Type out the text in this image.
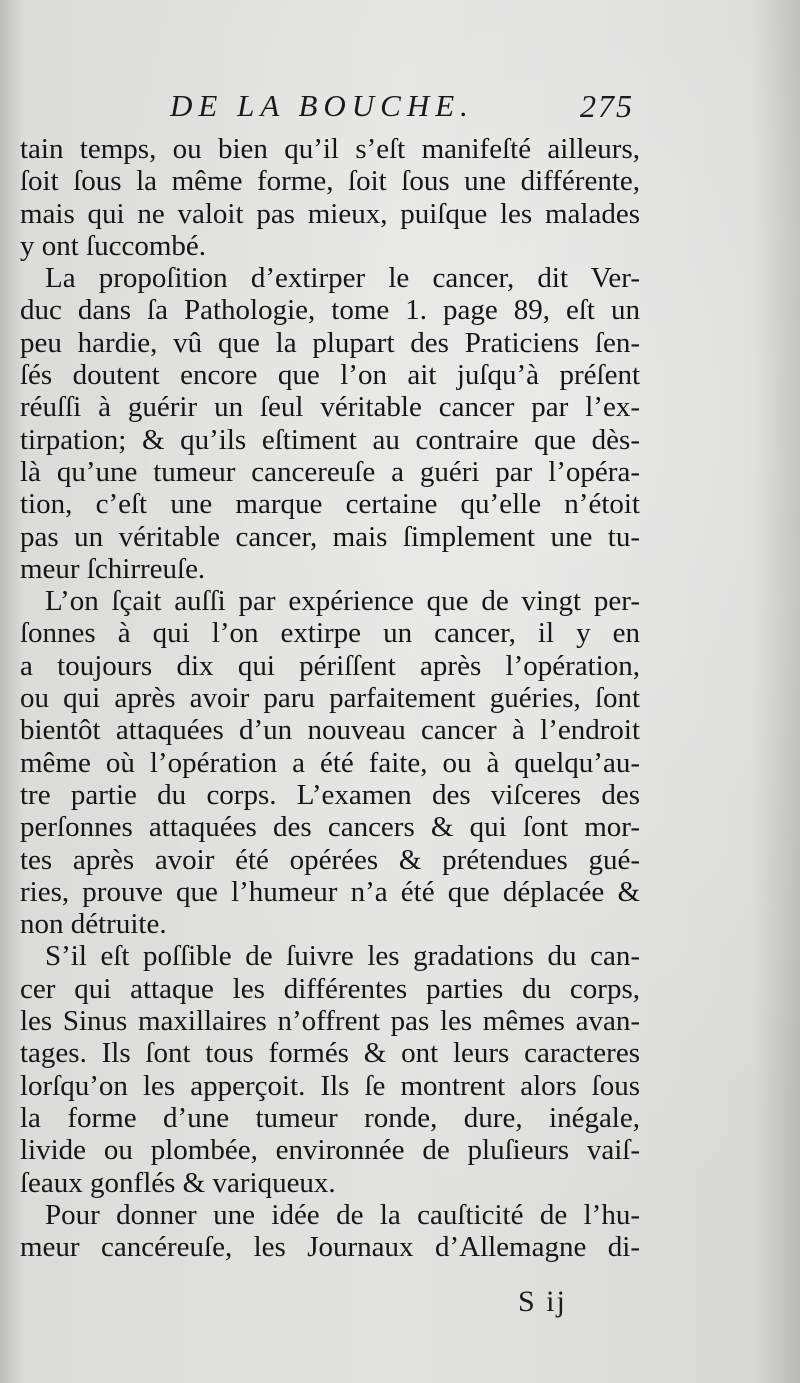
DE LA BOUCHE.	275
tain temps, ou bien qu’il s’eſt manifeſté ailleurs,
ſoit ſous la même forme, ſoit ſous une différente,
mais qui ne valoit pas mieux, puiſque les malades
y ont ſuccombé.
La propoſition d’extirper le cancer, dit Ver-
duc dans ſa Pathologie, tome 1. page 89, eſt un
peu hardie, vû que la plupart des Praticiens ſen-
ſés doutent encore que l’on ait juſqu’à préſent
réuſſi à guérir un ſeul véritable cancer par l’ex-
tirpation; & qu’ils eſtiment au contraire que dès-
là qu’une tumeur cancereuſe a guéri par l’opéra-
tion, c’eſt une marque certaine qu’elle n’étoit
pas un véritable cancer, mais ſimplement une tu-
meur ſchirreuſe.
L’on ſçait auſſi par expérience que de vingt per-
ſonnes à qui l’on extirpe un cancer, il y en
a toujours dix qui périſſent après l’opération,
ou qui après avoir paru parfaitement guéries, ſont
bientôt attaquées d’un nouveau cancer à l’endroit
même où l’opération a été faite, ou à quelqu’au-
tre partie du corps. L’examen des viſceres des
perſonnes attaquées des cancers & qui ſont mor-
tes après avoir été opérées & prétendues gué-
ries, prouve que l’humeur n’a été que déplacée &
non détruite.
S’il eſt poſſible de ſuivre les gradations du can-
cer qui attaque les différentes parties du corps,
les Sinus maxillaires n’offrent pas les mêmes avan-
tages. Ils ſont tous formés & ont leurs caracteres
lorſqu’on les apperçoit. Ils ſe montrent alors ſous
la forme d’une tumeur ronde, dure, inégale,
livide ou plombée, environnée de pluſieurs vaiſ-
ſeaux gonflés & variqueux.
Pour donner une idée de la cauſticité de l’hu-
meur cancéreuſe, les Journaux d’Allemagne di-
S ij
